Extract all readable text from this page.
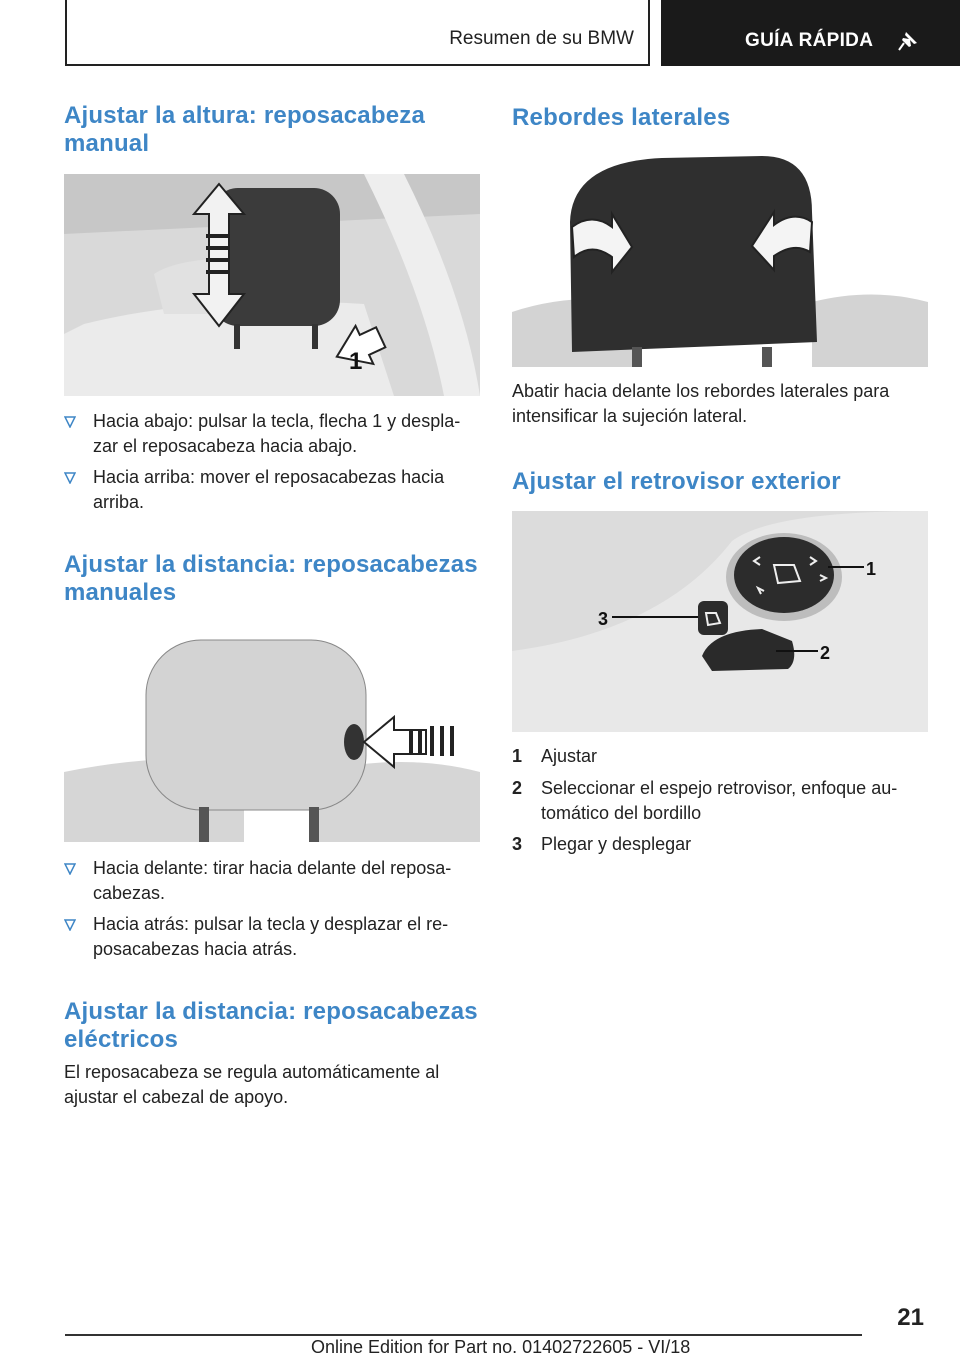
Resumen de su BMW	GUÍA RÁPIDA
Ajustar la altura: reposacabeza manual
1
Hacia abajo: pulsar la tecla, flecha 1 y despla-zar el reposacabeza hacia abajo.
Hacia arriba: mover el reposacabezas hacia arriba.
Ajustar la distancia: reposacabezas manuales
Hacia delante: tirar hacia delante del reposa-cabezas.
Hacia atrás: pulsar la tecla y desplazar el re-posacabezas hacia atrás.
Ajustar la distancia: reposacabezas eléctricos

El reposacabeza se regula automáticamente al ajustar el cabezal de apoyo.

Rebordes laterales

Abatir hacia delante los rebordes laterales para intensificar la sujeción lateral.

Ajustar el retrovisor exterior
1
3
2
1 Ajustar
2 Seleccionar el espejo retrovisor, enfoque au-tomático del bordillo
3 Plegar y desplegar
21
Online Edition for Part no. 01402722605 - VI/18
